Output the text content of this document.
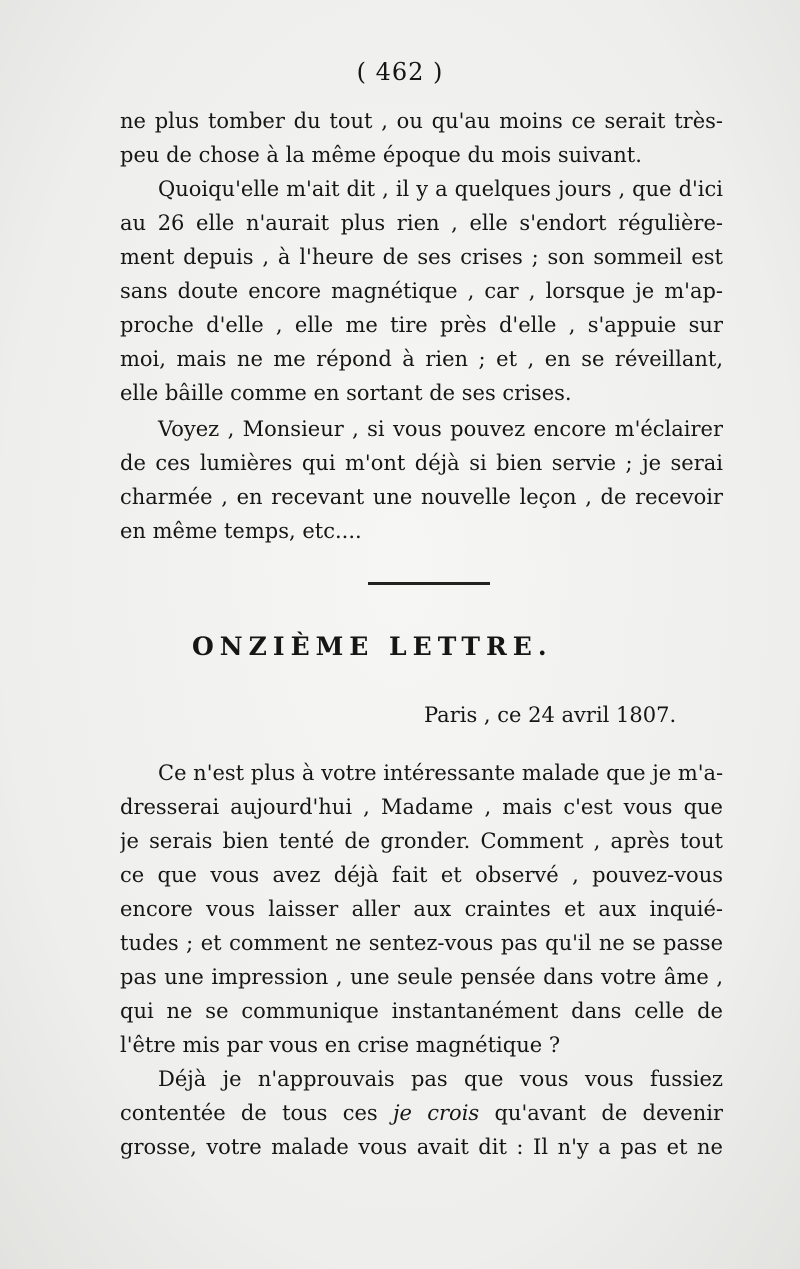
( 462 )
ne plus tomber du tout , ou qu'au moins ce serait très-
peu de chose à la même époque du mois suivant.
Quoiqu'elle m'ait dit , il y a quelques jours , que d'ici
au 26 elle n'aurait plus rien , elle s'endort régulière-
ment depuis , à l'heure de ses crises ; son sommeil est
sans doute encore magnétique , car , lorsque je m'ap-
proche d'elle , elle me tire près d'elle , s'appuie sur
moi, mais ne me répond à rien ; et , en se réveillant,
elle bâille comme en sortant de ses crises.
Voyez , Monsieur , si vous pouvez encore m'éclairer
de ces lumières qui m'ont déjà si bien servie ; je serai
charmée , en recevant une nouvelle leçon , de recevoir
en même temps, etc....
ONZIÈME LETTRE.
Paris , ce 24 avril 1807.
Ce n'est plus à votre intéressante malade que je m'a-
dresserai aujourd'hui , Madame , mais c'est vous que
je serais bien tenté de gronder. Comment , après tout
ce que vous avez déjà fait et observé , pouvez-vous
encore vous laisser aller aux craintes et aux inquié-
tudes ; et comment ne sentez-vous pas qu'il ne se passe
pas une impression , une seule pensée dans votre âme ,
qui ne se communique instantanément dans celle de
l'être mis par vous en crise magnétique ?
Déjà je n'approuvais pas que vous vous fussiez
contentée de tous ces je crois qu'avant de devenir
grosse, votre malade vous avait dit : Il n'y a pas et ne
